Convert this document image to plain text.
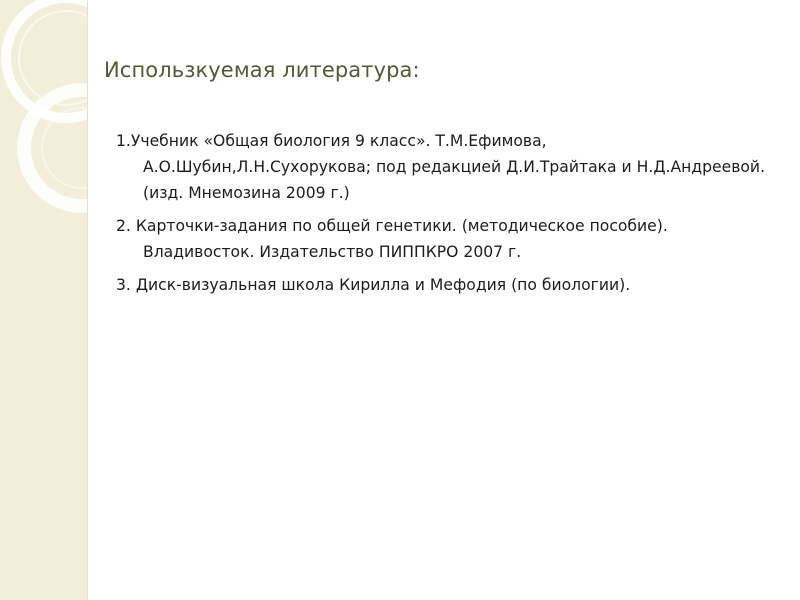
Использкуемая литература:

1.Учебник «Общая биология 9 класс». Т.М.Ефимова, А.О.Шубин,Л.Н.Сухорукова; под редакцией Д.И.Трайтака и Н.Д.Андреевой.(изд. Мнемозина 2009 г.)

2. Карточки-задания по общей генетики. (методическое пособие). Владивосток. Издательство ПИППКРО 2007 г.

3. Диск-визуальная школа Кирилла и Мефодия (по биологии).
